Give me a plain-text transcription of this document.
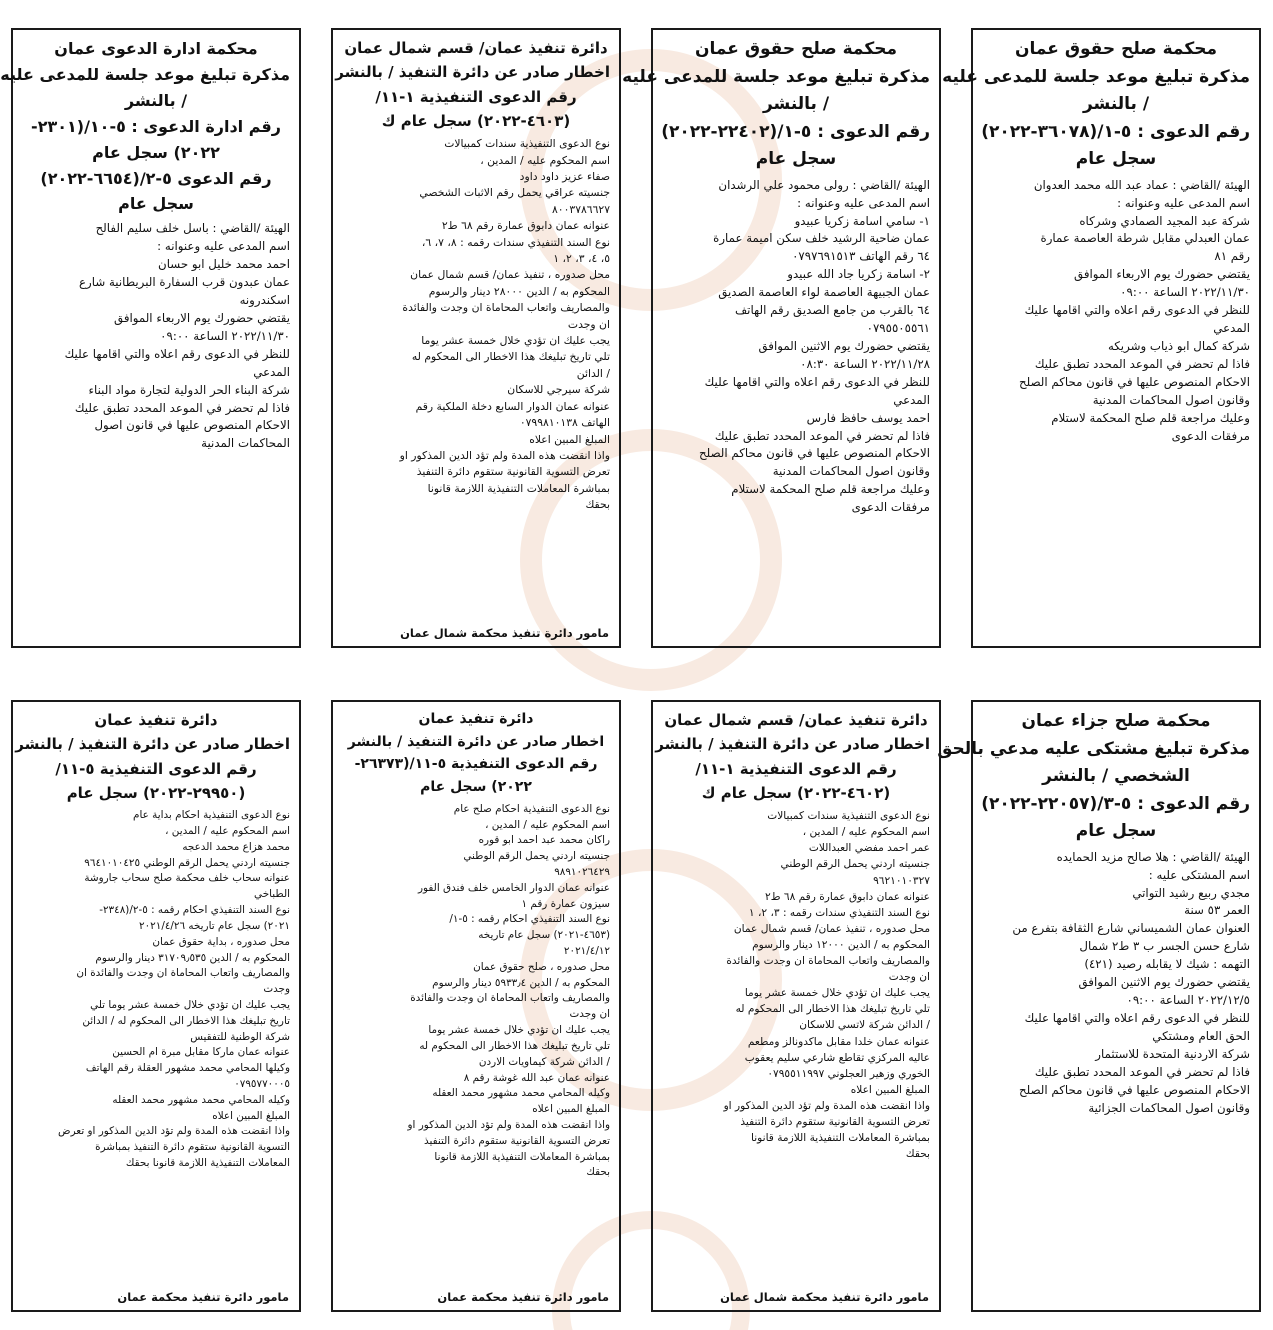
محكمة صلح حقوق عمان
مذكرة تبليغ موعد جلسة للمدعى عليه
/ بالنشر
رقم الدعوى : ٥-١/(٣٦٠٧٨-٢٠٢٢)
سجل عام
الهيئة /القاضي : عماد عبد الله محمد العدوان
اسم المدعى عليه وعنوانه :
شركة عبد المجيد الصمادي وشركاه
عمان العبدلي مقابل شرطة العاصمة عمارة
رقم ٨١
يقتضي حضورك يوم الاربعاء الموافق
٢٠٢٢/١١/٣٠ الساعة ٠٩:٠٠
للنظر في الدعوى رقم اعلاه والتي اقامها عليك
المدعي
شركة كمال ابو ذياب وشريكه
فاذا لم تحضر في الموعد المحدد تطبق عليك
الاحكام المنصوص عليها في قانون محاكم الصلح
وقانون اصول المحاكمات المدنية
وعليك مراجعة قلم صلح المحكمة لاستلام
مرفقات الدعوى
محكمة صلح حقوق عمان
مذكرة تبليغ موعد جلسة للمدعى عليه
/ بالنشر
رقم الدعوى : ٥-١/(٢٢٤٠٢-٢٠٢٢)
سجل عام
الهيئة /القاضي : رولى محمود علي الرشدان
اسم المدعى عليه وعنوانه :
١- سامي اسامة زكريا عبيدو
عمان ضاحية الرشيد خلف سكن اميمة عمارة
٦٤ رقم الهاتف ٠٧٩٧٦٩١٥١٣
٢- اسامة زكريا جاد الله عبيدو
عمان الجبيهة العاصمة لواء العاصمة الصديق
٦٤ بالقرب من جامع الصديق رقم الهاتف
٠٧٩٥٥٠٥٥٦١
يقتضي حضورك يوم الاثنين الموافق
٢٠٢٢/١١/٢٨ الساعة ٠٨:٣٠
للنظر في الدعوى رقم اعلاه والتي اقامها عليك
المدعي
احمد يوسف حافظ فارس
فاذا لم تحضر في الموعد المحدد تطبق عليك
الاحكام المنصوص عليها في قانون محاكم الصلح
وقانون اصول المحاكمات المدنية
وعليك مراجعة قلم صلح المحكمة لاستلام
مرفقات الدعوى
دائرة تنفيذ عمان/ قسم شمال عمان
اخطار صادر عن دائرة التنفيذ / بالنشر
رقم الدعوى التنفيذية ١-١١/
(٤٦٠٣-٢٠٢٢) سجل عام ك
نوع الدعوى التنفيذية سندات كمبيالات
اسم المحكوم عليه / المدين ،
صفاء عزيز داود داود
جنسيته عراقي يحمل رقم الاثبات الشخصي
٨٠٠٣٧٨٦٦٢٧
عنوانه عمان دابوق عمارة رقم ٦٨ ط٢
نوع السند التنفيذي سندات رقمه : ٨، ٧، ٦،
٥، ٤، ٣، ٢، ١
محل صدوره ، تنفيذ عمان/ قسم شمال عمان
المحكوم به / الدين ٢٨٠٠٠ دينار والرسوم
والمصاريف واتعاب المحاماة ان وجدت والفائدة
ان وجدت
يجب عليك ان تؤدي خلال خمسة عشر يوما
تلي تاريخ تبليغك هذا الاخطار الى المحكوم له
/ الدائن
شركة سيرجي للاسكان
عنوانه عمان الدوار السابع دخلة الملكية رقم
الهاتف ٠٧٩٩٨١٠١٣٨
المبلغ المبين اعلاه
واذا انقضت هذه المدة ولم تؤد الدين المذكور او
تعرض التسوية القانونية ستقوم دائرة التنفيذ
بمباشرة المعاملات التنفيذية اللازمة قانونا
بحقك
مامور دائرة تنفيذ محكمة شمال عمان
محكمة ادارة الدعوى عمان
مذكرة تبليغ موعد جلسة للمدعى عليه
/ بالنشر
رقم ادارة الدعوى : ٥-١٠/(٢٣٠١-
٢٠٢٢) سجل عام
رقم الدعوى ٥-٢/(٦٦٥٤-٢٠٢٢)
سجل عام
الهيئة /القاضي : باسل خلف سليم الفالح
اسم المدعى عليه وعنوانه :
احمد محمد خليل ابو حسان
عمان عبدون قرب السفارة البريطانية شارع
اسكندرونه
يقتضي حضورك يوم الاربعاء الموافق
٢٠٢٢/١١/٣٠ الساعة ٠٩:٠٠
للنظر في الدعوى رقم اعلاه والتي اقامها عليك
المدعي
شركة البناء الحر الدولية لتجارة مواد البناء
فاذا لم تحضر في الموعد المحدد تطبق عليك
الاحكام المنصوص عليها في قانون اصول
المحاكمات المدنية
محكمة صلح جزاء عمان
مذكرة تبليغ مشتكى عليه مدعي بالحق
الشخصي / بالنشر
رقم الدعوى : ٥-٣/(٢٢٠٥٧-٢٠٢٢)
سجل عام
الهيئة /القاضي : هلا صالح مزيد الحمايده
اسم المشتكى عليه :
مجدي ربيع رشيد التواتي
العمر ٥٣ سنة
العنوان عمان الشميساني شارع الثقافة بتفرع من
شارع حسن الجسر ب ٣ ط٢ شمال
التهمه : شيك لا يقابله رصيد (٤٢١)
يقتضي حضورك يوم الاثنين الموافق
٢٠٢٢/١٢/٥ الساعة ٠٩:٠٠
للنظر في الدعوى رقم اعلاه والتي اقامها عليك
الحق العام ومشتكي
شركة الاردنية المتحدة للاستثمار
فاذا لم تحضر في الموعد المحدد تطبق عليك
الاحكام المنصوص عليها في قانون محاكم الصلح
وقانون اصول المحاكمات الجزائية
دائرة تنفيذ عمان/ قسم شمال عمان
اخطار صادر عن دائرة التنفيذ / بالنشر
رقم الدعوى التنفيذية ١-١١/
(٤٦٠٢-٢٠٢٢) سجل عام ك
نوع الدعوى التنفيذية سندات كمبيالات
اسم المحكوم عليه / المدين ،
عمر احمد مفضي العبداللات
جنسيته اردني يحمل الرقم الوطني
٩٦٢١٠١٠٣٢٧
عنوانه عمان دابوق عمارة رقم ٦٨ ط٢
نوع السند التنفيذي سندات رقمه : ٣، ٢، ١
محل صدوره ، تنفيذ عمان/ قسم شمال عمان
المحكوم به / الدين ١٢٠٠٠ دينار والرسوم
والمصاريف واتعاب المحاماة ان وجدت والفائدة
ان وجدت
يجب عليك ان تؤدي خلال خمسة عشر يوما
تلي تاريخ تبليغك هذا الاخطار الى المحكوم له
/ الدائن شركة لاتسي للاسكان
عنوانه عمان خلدا مقابل ماكدونالز ومطعم
عاليه المركزي تقاطع شارعي سليم يعقوب
الخوري وزهير العجلوني ٠٧٩٥٥١١٩٩٧
المبلغ المبين اعلاه
واذا انقضت هذه المدة ولم تؤد الدين المذكور او
تعرض التسوية القانونية ستقوم دائرة التنفيذ
بمباشرة المعاملات التنفيذية اللازمة قانونا
بحقك
مامور دائرة تنفيذ محكمة شمال عمان
دائرة تنفيذ عمان
اخطار صادر عن دائرة التنفيذ / بالنشر
رقم الدعوى التنفيذية ٥-١١/(٢٦٣٧٣-
٢٠٢٢) سجل عام
نوع الدعوى التنفيذية احكام صلح عام
اسم المحكوم عليه / المدين ،
راكان محمد عبد احمد ابو قوره
جنسيته اردني يحمل الرقم الوطني
٩٨٩١٠٢٦٤٢٩
عنوانه عمان الدوار الخامس خلف فندق الفور
سيزون عمارة رقم ١
نوع السند التنفيذي احكام رقمه : ٥-١/
(٤٦٥٣-٢٠٢١) سجل عام تاريخه
٢٠٢١/٤/١٢
محل صدوره ، صلح حقوق عمان
المحكوم به / الدين ٥٩٣٣٫٤ دينار والرسوم
والمصاريف واتعاب المحاماة ان وجدت والفائدة
ان وجدت
يجب عليك ان تؤدي خلال خمسة عشر يوما
تلي تاريخ تبليغك هذا الاخطار الى المحكوم له
/ الدائن شركة كيماويات الاردن
عنوانه عمان عبد الله غوشة رقم ٨
وكيله المحامي محمد مشهور محمد العقله
المبلغ المبين اعلاه
واذا انقضت هذه المدة ولم تؤد الدين المذكور او
تعرض التسوية القانونية ستقوم دائرة التنفيذ
بمباشرة المعاملات التنفيذية اللازمة قانونا
بحقك
مامور دائرة تنفيذ محكمة عمان
دائرة تنفيذ عمان
اخطار صادر عن دائرة التنفيذ / بالنشر
رقم الدعوى التنفيذية ٥-١١/
(٢٩٩٥٠-٢٠٢٢) سجل عام
نوع الدعوى التنفيذية احكام بداية عام
اسم المحكوم عليه / المدين ،
محمد هزاع محمد الدعجه
جنسيته اردني يحمل الرقم الوطني ٩٦٤١٠١٠٤٢٥
عنوانه سحاب خلف محكمة صلح سحاب جاروشة
الطباخي
نوع السند التنفيذي احكام رقمه : ٥-٢/(٢٣٤٨-
٢٠٢١) سجل عام تاريخه ٢٠٢١/٤/٢٦
محل صدوره ، بداية حقوق عمان
المحكوم به / الدين ٣١٧٠٩٫٥٣٥ دينار والرسوم
والمصاريف واتعاب المحاماة ان وجدت والفائدة ان
وجدت
يجب عليك ان تؤدي خلال خمسة عشر يوما تلي
تاريخ تبليغك هذا الاخطار الى المحكوم له / الدائن
شركة الوطنية للتفقيس
عنوانه عمان ماركا مقابل مبرة ام الحسين
وكيلها المحامي محمد مشهور العقلة رقم الهاتف
٠٧٩٥٧٧٠٠٠٥
وكيله المحامي محمد مشهور محمد العقله
المبلغ المبين اعلاه
واذا انقضت هذه المدة ولم تؤد الدين المذكور او تعرض
التسوية القانونية ستقوم دائرة التنفيذ بمباشرة
المعاملات التنفيذية اللازمة قانونا بحقك
مامور دائرة تنفيذ محكمة عمان
